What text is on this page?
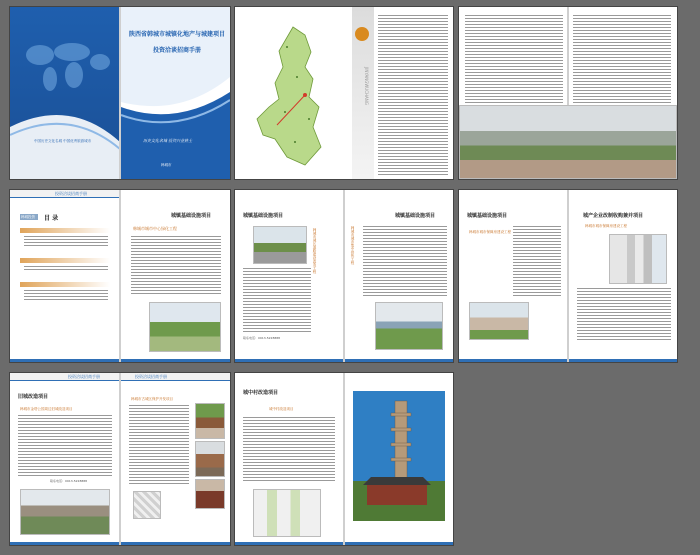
中国历史文化名城 中国优秀旅游城市
陕西省韩城市城镇化地产与城建项目
投资洽谈招商手册
历史文化名城 投资兴业热土
韩城市
JINYANGWUCHANG
投资洽谈招商手册
韩城投资 目 录	城镇基础设施项目
韩城市城市中心绿化工程
城镇基础设施项目
韩城市城区道路建设改造工程
联系电话：0913-5228888
城镇基础设施项目
韩城市城市集中供热工程
城镇基础设施项目
韩城市城市保障房建设工程
城产企业改制收购兼并项目
韩城市城市保障房建设工程
投资洽谈招商手册
旧城改造项目
韩城市金塔公园周边旧城改造项目
联系电话：0913-5228888
投资洽谈招商手册
韩城市古城区保护开发项目
城中村改造项目
城中村改造项目
